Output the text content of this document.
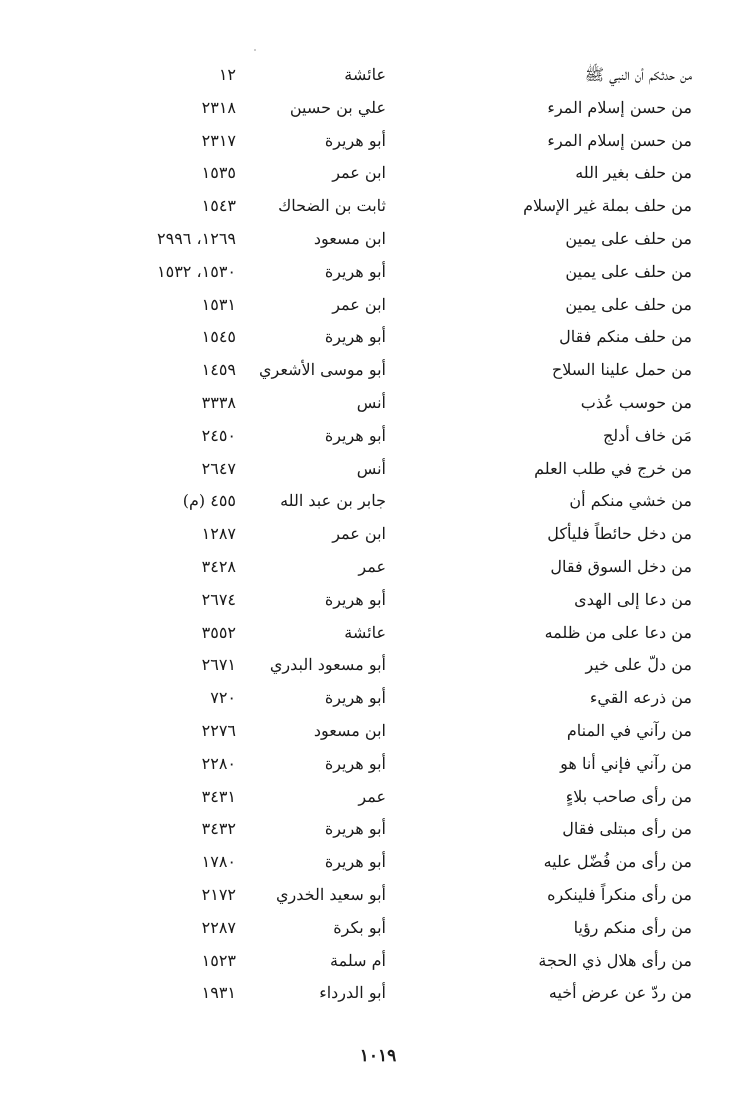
من حدثكم أن النبي ﷺ
عائشة
١٢
من حسن إسلام المرء
علي بن حسين
٢٣١٨
من حسن إسلام المرء
أبو هريرة
٢٣١٧
من حلف بغير الله
ابن عمر
١٥٣٥
من حلف بملة غير الإسلام
ثابت بن الضحاك
١٥٤٣
من حلف على يمين
ابن مسعود
١٢٦٩، ٢٩٩٦
من حلف على يمين
أبو هريرة
١٥٣٠، ١٥٣٢
من حلف على يمين
ابن عمر
١٥٣١
من حلف منكم فقال
أبو هريرة
١٥٤٥
من حمل علينا السلاح
أبو موسى الأشعري
١٤٥٩
من حوسب عُذب
أنس
٣٣٣٨
مَن خاف أدلج
أبو هريرة
٢٤٥٠
من خرج في طلب العلم
أنس
٢٦٤٧
من خشي منكم أن
جابر بن عبد الله
٤٥٥ (م)
من دخل حائطاً فليأكل
ابن عمر
١٢٨٧
من دخل السوق فقال
عمر
٣٤٢٨
من دعا إلى الهدى
أبو هريرة
٢٦٧٤
من دعا على من ظلمه
عائشة
٣٥٥٢
من دلّ على خير
أبو مسعود البدري
٢٦٧١
من ذرعه القيء
أبو هريرة
٧٢٠
من رآني في المنام
ابن مسعود
٢٢٧٦
من رآني فإني أنا هو
أبو هريرة
٢٢٨٠
من رأى صاحب بلاءٍ
عمر
٣٤٣١
من رأى مبتلى فقال
أبو هريرة
٣٤٣٢
من رأى من فُضّل عليه
أبو هريرة
١٧٨٠
من رأى منكراً فلينكره
أبو سعيد الخدري
٢١٧٢
من رأى منكم رؤيا
أبو بكرة
٢٢٨٧
من رأى هلال ذي الحجة
أم سلمة
١٥٢٣
من ردّ عن عرض أخيه
أبو الدرداء
١٩٣١
١٠١٩
